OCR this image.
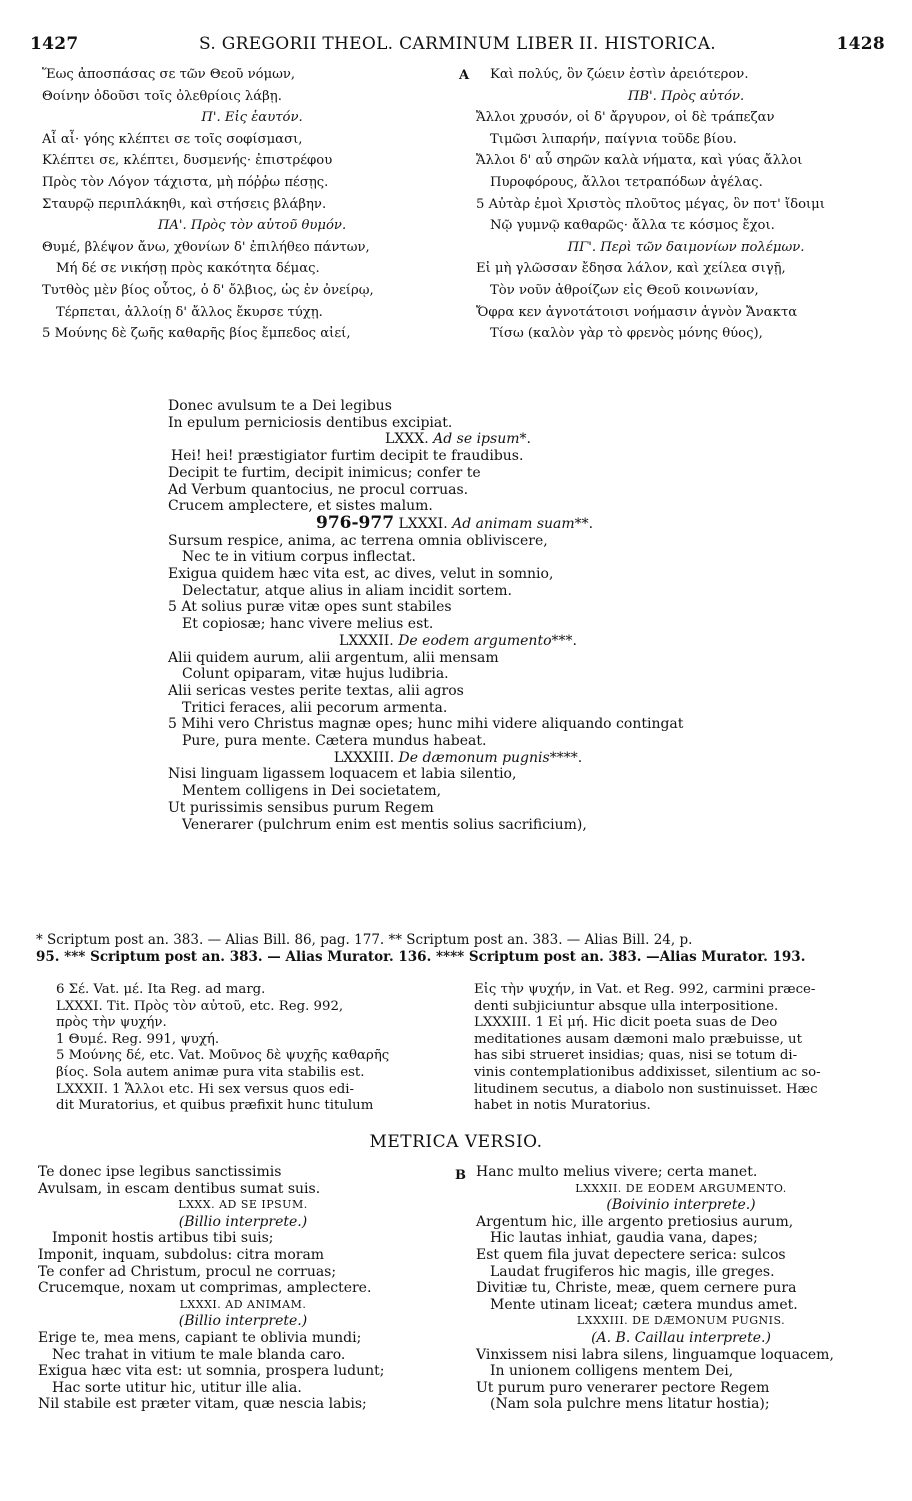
1427	S. GREGORII THEOL. CARMINUM LIBER II. HISTORICA.	1428
Ἕως ἀποσπάσας σε τῶν Θεοῦ νόμων,
Θοίνην ὀδοῦσι τοῖς ὀλεθρίοις λάβῃ.
Π'. Εἰς ἑαυτόν.
Αἶ αἶ· γόης κλέπτει σε τοῖς σοφίσμασι,
Κλέπτει σε, κλέπτει, δυσμενής· ἐπιστρέφου
Πρὸς τὸν Λόγον τάχιστα, μὴ πόῤῥω πέσῃς.
Σταυρῷ περιπλάκηθι, καὶ στήσεις βλάβην.
ΠΑ'. Πρὸς τὸν αὑτοῦ θυμόν.
Θυμέ, βλέψον ἄνω, χθονίων δ' ἐπιλήθεο πάντων,
Μή δέ σε νικήσῃ πρὸς κακότητα δέμας.
Τυτθὸς μὲν βίος οὗτος, ὁ δ' ὄλβιος, ὡς ἐν ὀνείρῳ,
Τέρπεται, ἀλλοίῃ δ' ἄλλος ἔκυρσε τύχῃ.
5 Μούνης δὲ ζωῆς καθαρῆς βίος ἔμπεδος αἰεί,
A	Καὶ πολύς, ὃν ζώειν ἐστὶν ἀρειότερον.
ΠΒ'. Πρὸς αὐτόν.
Ἄλλοι χρυσόν, οἱ δ' ἄργυρον, οἱ δὲ τράπεζαν
Τιμῶσι λιπαρήν, παίγνια τοῦδε βίου.
Ἄλλοι δ' αὖ σηρῶν καλὰ νήματα, καὶ γύας ἄλλοι
Πυροφόρους, ἄλλοι τετραπόδων ἀγέλας.
5 Αὐτὰρ ἐμοὶ Χριστὸς πλοῦτος μέγας, ὃν ποτ' ἴδοιμι
Νῷ γυμνῷ καθαρῶς· ἄλλα τε κόσμος ἔχοι.
ΠΓ'. Περὶ τῶν δαιμονίων πολέμων.
Εἰ μὴ γλῶσσαν ἔδησα λάλον, καὶ χείλεα σιγῇ,
Τὸν νοῦν ἀθροίζων εἰς Θεοῦ κοινωνίαν,
Ὄφρα κεν ἁγνοτάτοισι νοήμασιν ἁγνὸν Ἄνακτα
Τίσω (καλὸν γὰρ τὸ φρενὸς μόνης θύος),
Donec avulsum te a Dei legibus
In epulum perniciosis dentibus excipiat.
LXXX. Ad se ipsum*.
Hei! hei! præstigiator furtim decipit te fraudibus.
Decipit te furtim, decipit inimicus; confer te
Ad Verbum quantocius, ne procul corruas.
Crucem amplectere, et sistes malum.
976-977 LXXXI. Ad animam suam**.
Sursum respice, anima, ac terrena omnia obliviscere,
Nec te in vitium corpus inflectat.
Exigua quidem hæc vita est, ac dives, velut in somnio,
Delectatur, atque alius in aliam incidit sortem.
5 At solius puræ vitæ opes sunt stabiles
Et copiosæ; hanc vivere melius est.
LXXXII. De eodem argumento***.
Alii quidem aurum, alii argentum, alii mensam
Colunt opiparam, vitæ hujus ludibria.
Alii sericas vestes perite textas, alii agros
Tritici feraces, alii pecorum armenta.
5 Mihi vero Christus magnæ opes; hunc mihi videre aliquando contingat
Pure, pura mente. Cætera mundus habeat.
LXXXIII. De dæmonum pugnis****.
Nisi linguam ligassem loquacem et labia silentio,
Mentem colligens in Dei societatem,
Ut purissimis sensibus purum Regem
Venerarer (pulchrum enim est mentis solius sacrificium),
* Scriptum post an. 383. — Alias Bill. 86, pag. 177. ** Scriptum post an. 383. — Alias Bill. 24, p.
95. *** Scriptum post an. 383. — Alias Murator. 136. **** Scriptum post an. 383. —Alias Murator. 193.
6 Σέ. Vat. μέ. Ita Reg. ad marg.
LXXXI. Tit. Πρὸς τὸν αὐτοῦ, etc. Reg. 992,
πρὸς τὴν ψυχήν.
1 Θυμέ. Reg. 991, ψυχή.
5 Μούνης δέ, etc. Vat. Μοῦνος δὲ ψυχῆς καθαρῆς
βίος. Sola autem animæ pura vita stabilis est.
LXXXII. 1 Ἄλλοι etc. Hi sex versus quos edi-
dit Muratorius, et quibus præfixit hunc titulum
Εἰς τὴν ψυχήν, in Vat. et Reg. 992, carmini præce-
denti subjiciuntur absque ulla interpositione.
LXXXIII. 1 Εἰ μή. Hic dicit poeta suas de Deo
meditationes ausam dæmoni malo præbuisse, ut
has sibi strueret insidias; quas, nisi se totum di-
vinis contemplationibus addixisset, silentium ac so-
litudinem secutus, a diabolo non sustinuisset. Hæc
habet in notis Muratorius.
METRICA VERSIO.
Te donec ipse legibus sanctissimis
Avulsam, in escam dentibus sumat suis.
LXXX. AD SE IPSUM.
(Billio interprete.)
Imponit hostis artibus tibi suis;
Imponit, inquam, subdolus: citra moram
Te confer ad Christum, procul ne corruas;
Crucemque, noxam ut comprimas, amplectere.
LXXXI. AD ANIMAM.
(Billio interprete.)
Erige te, mea mens, capiant te oblivia mundi;
Nec trahat in vitium te male blanda caro.
Exigua hæc vita est: ut somnia, prospera ludunt;
Hac sorte utitur hic, utitur ille alia.
Nil stabile est præter vitam, quæ nescia labis;
B Hanc multo melius vivere; certa manet.
LXXXII. DE EODEM ARGUMENTO.
(Boivinio interprete.)
Argentum hic, ille argento pretiosius aurum,
Hic lautas inhiat, gaudia vana, dapes;
Est quem fila juvat depectere serica: sulcos
Laudat frugiferos hic magis, ille greges.
Divitiæ tu, Christe, meæ, quem cernere pura
Mente utinam liceat; cætera mundus amet.
LXXXIII. DE DÆMONUM PUGNIS.
(A. B. Caillau interprete.)
Vinxissem nisi labra silens, linguamque loquacem,
In unionem colligens mentem Dei,
Ut purum puro venerarer pectore Regem
(Nam sola pulchre mens litatur hostia);
